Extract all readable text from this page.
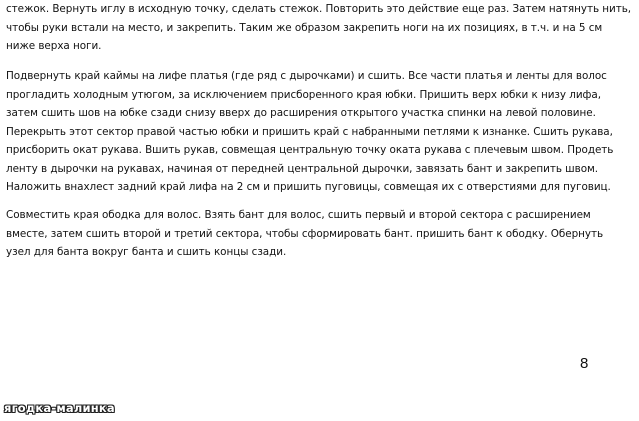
стежок. Вернуть иглу в исходную точку, сделать стежок. Повторить это действие еще раз. Затем натянуть нить,
чтобы руки встали на место, и закрепить. Таким же образом закрепить ноги на их позициях, в т.ч. и на 5 см
ниже верха ноги.

Подвернуть край каймы на лифе платья (где ряд с дырочками) и сшить. Все части платья и ленты для волос
прогладить холодным утюгом, за исключением присборенного края юбки. Пришить верх юбки к низу лифа,
затем сшить шов на юбке сзади снизу вверх до расширения открытого участка спинки на левой половине.
Перекрыть этот сектор правой частью юбки и пришить край с набранными петлями к изнанке. Сшить рукава,
присборить окат рукава. Вшить рукав, совмещая центральную точку оката рукава с плечевым швом. Продеть
ленту в дырочки на рукавах, начиная от передней центральной дырочки, завязать бант и закрепить швом.
Наложить внахлест задний край лифа на 2 см и пришить пуговицы, совмещая их с отверстиями для пуговиц.

Совместить края ободка для волос. Взять бант для волос, сшить первый и второй сектора с расширением
вместе, затем сшить второй и третий сектора, чтобы сформировать бант. пришить бант к ободку. Обернуть
узел для банта вокруг банта и сшить концы сзади.

8
ягодка-малинка
